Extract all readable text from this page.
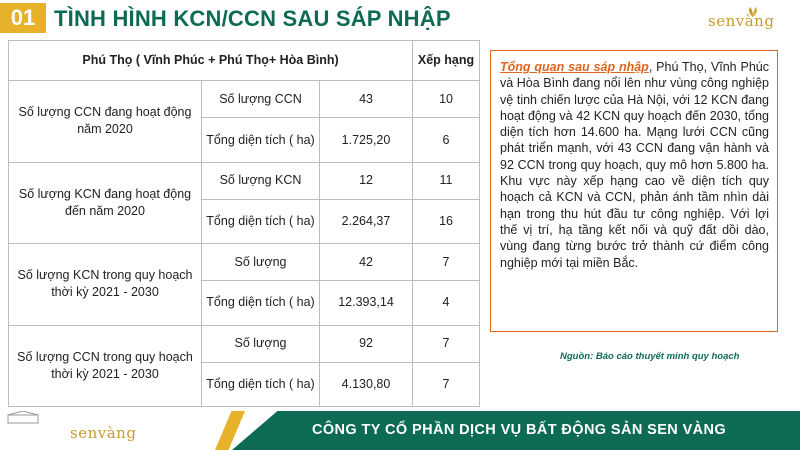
01 TÌNH HÌNH KCN/CCN SAU SÁP NHẬP	senvàng
Phú Thọ ( Vĩnh Phúc + Phú Thọ+ Hòa Bình)			Xếp hạng
Số lượng CCN đang hoạt động năm 2020	Số lượng CCN	43	10
	Tổng diện tích ( ha)	1.725,20	6
Số lượng KCN đang hoạt động đến năm 2020	Số lượng KCN	12	11
	Tổng diện tích ( ha)	2.264,37	16
Số lượng KCN trong quy hoạch thời kỳ 2021 - 2030	Số lượng	42	7
	Tổng diện tích ( ha)	12.393,14	4
Số lượng CCN trong quy hoạch thời kỳ 2021 - 2030	Số lượng	92	7
	Tổng diện tích ( ha)	4.130,80	7

Tổng quan sau sáp nhập, Phú Thọ, Vĩnh Phúc và Hòa Bình đang nổi lên như vùng công nghiệp vệ tinh chiến lược của Hà Nội, với 12 KCN đang hoạt động và 42 KCN quy hoạch đến 2030, tổng diện tích hơn 14.600 ha. Mạng lưới CCN cũng phát triển mạnh, với 43 CCN đang vận hành và 92 CCN trong quy hoạch, quy mô hơn 5.800 ha. Khu vực này xếp hạng cao về diện tích quy hoạch cả KCN và CCN, phản ánh tầm nhìn dài hạn trong thu hút đầu tư công nghiệp. Với lợi thế vị trí, hạ tầng kết nối và quỹ đất dồi dào, vùng đang từng bước trở thành cứ điểm công nghiệp mới tại miền Bắc.

Nguồn: Báo cáo thuyết minh quy hoạch
senvàng	CÔNG TY CỔ PHẦN DỊCH VỤ BẤT ĐỘNG SẢN SEN VÀNG
